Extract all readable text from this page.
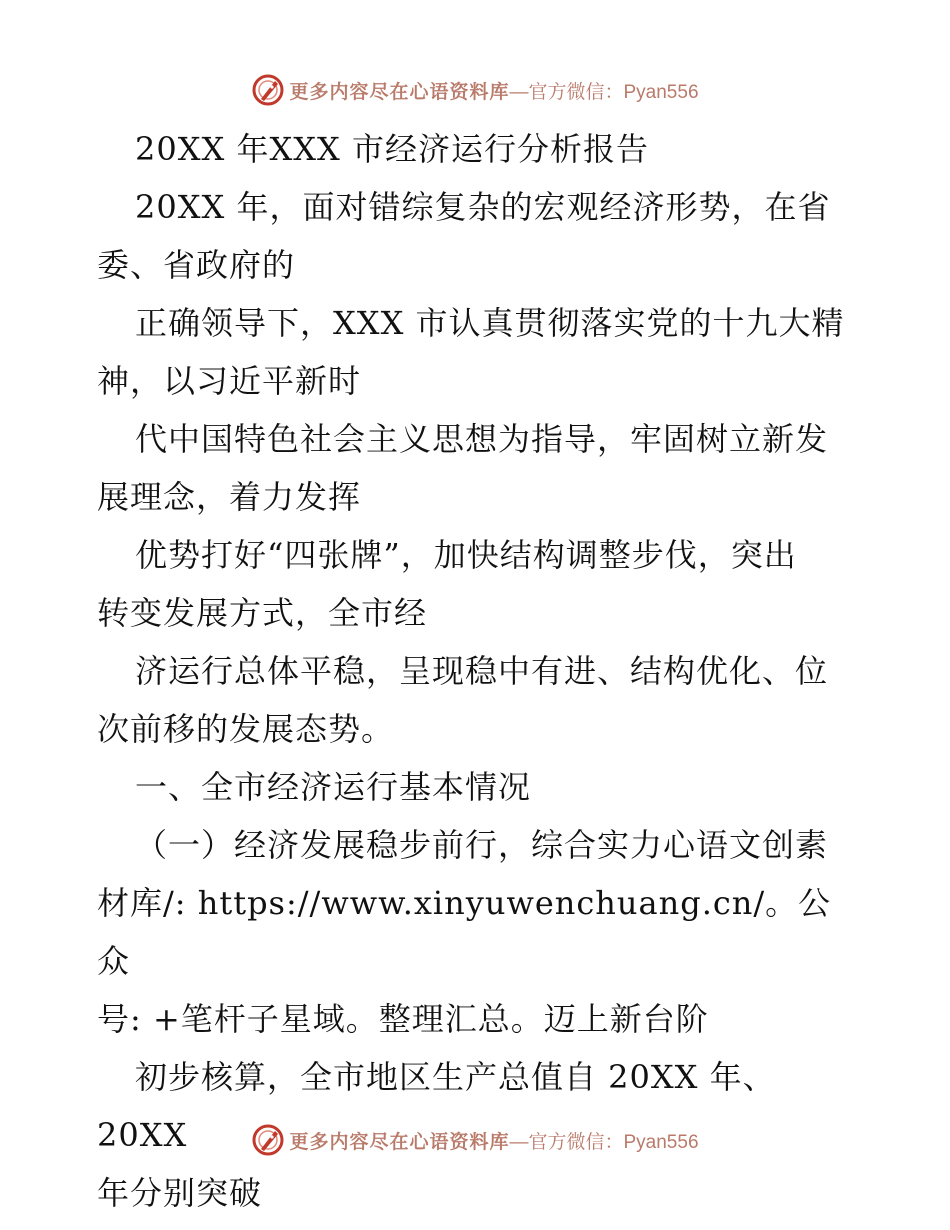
更多内容尽在心语资料库 —官方微信：Pyan556
20XX 年XXX 市经济运行分析报告
20XX 年，面对错综复杂的宏观经济形势，在省
委、省政府的
正确领导下，XXX 市认真贯彻落实党的十九大精
神，以习近平新时
代中国特色社会主义思想为指导，牢固树立新发
展理念，着力发挥
优势打好“四张牌”，加快结构调整步伐，突出
转变发展方式，全市经
济运行总体平稳，呈现稳中有进、结构优化、位
次前移的发展态势。
一、全市经济运行基本情况
（一）经济发展稳步前行，综合实力心语文创素
材库/: https://www.xinyuwenchuang.cn/。公众
号: +笔杆子星域。整理汇总。迈上新台阶
初步核算，全市地区生产总值自 20XX 年、20XX
年分别突破
更多内容尽在心语资料库 —官方微信：Pyan556
